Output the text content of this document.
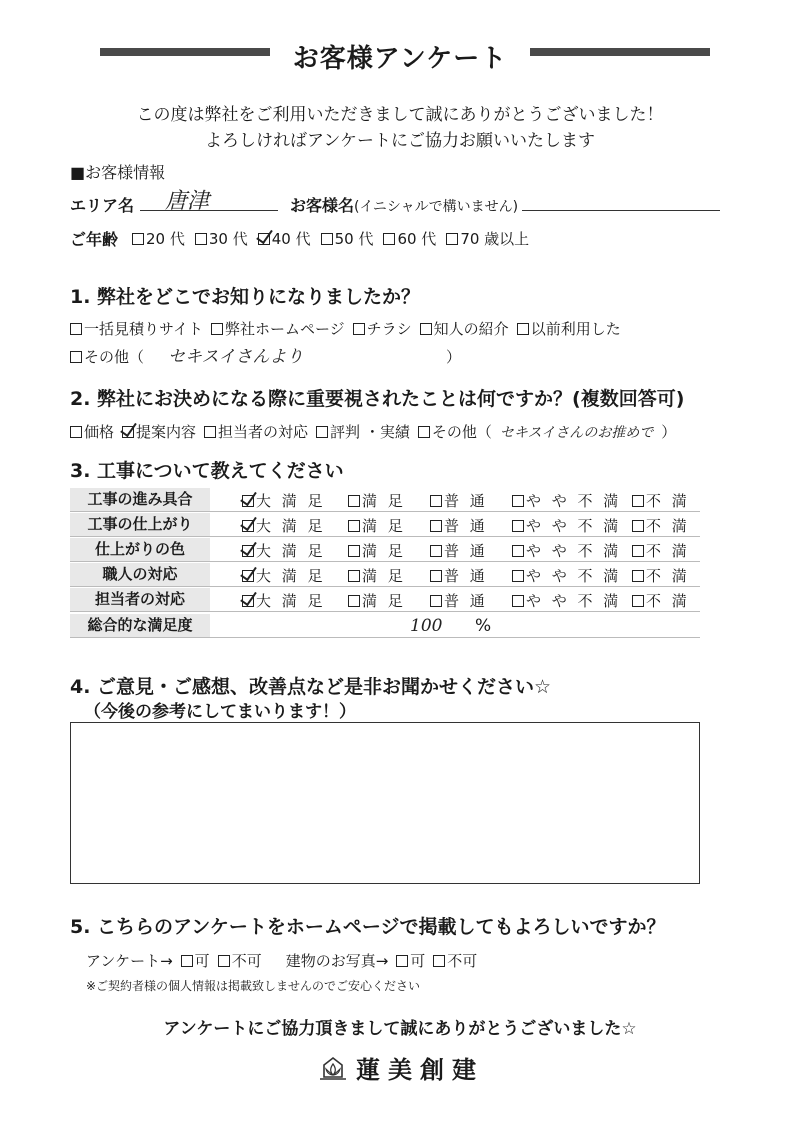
お客様アンケート
この度は弊社をご利用いただきまして誠にありがとうございました！
よろしければアンケートにご協力お願いいたします
■お客様情報
エリア名 唐津	お客様名(イニシャルで構いません)
ご年齢	20 代	30 代	40 代	50 代	60 代	70 歳以上
1. 弊社をどこでお知りになりましたか？
一括見積りサイト	弊社ホームページ	チラシ	知人の紹介	以前利用した
その他（ セキスイさんより	）
2. 弊社にお決めになる際に重要視されたことは何ですか？(複数回答可)
価格	提案内容	担当者の対応	評判 ・実績	その他（ セキスイさんのお推めで ）
3. 工事について教えてください
工事の進み具合	大 満 足	満 足	普 通	や や 不 満	不 満
工事の仕上がり	大 満 足	満 足	普 通	や や 不 満	不 満
仕上がりの色	大 満 足	満 足	普 通	や や 不 満	不 満
職人の対応	大 満 足	満 足	普 通	や や 不 満	不 満
担当者の対応	大 満 足	満 足	普 通	や や 不 満	不 満
総合的な満足度	100 %
4. ご意見・ご感想、改善点など是非お聞かせください☆
（今後の参考にしてまいります！）
5. こちらのアンケートをホームページで掲載してもよろしいですか？
アンケート→	可	不可 建物のお写真→	可	不可
※ご契約者様の個人情報は掲載致しませんのでご安心ください
アンケートにご協力頂きまして誠にありがとうございました☆
蓮美創建
